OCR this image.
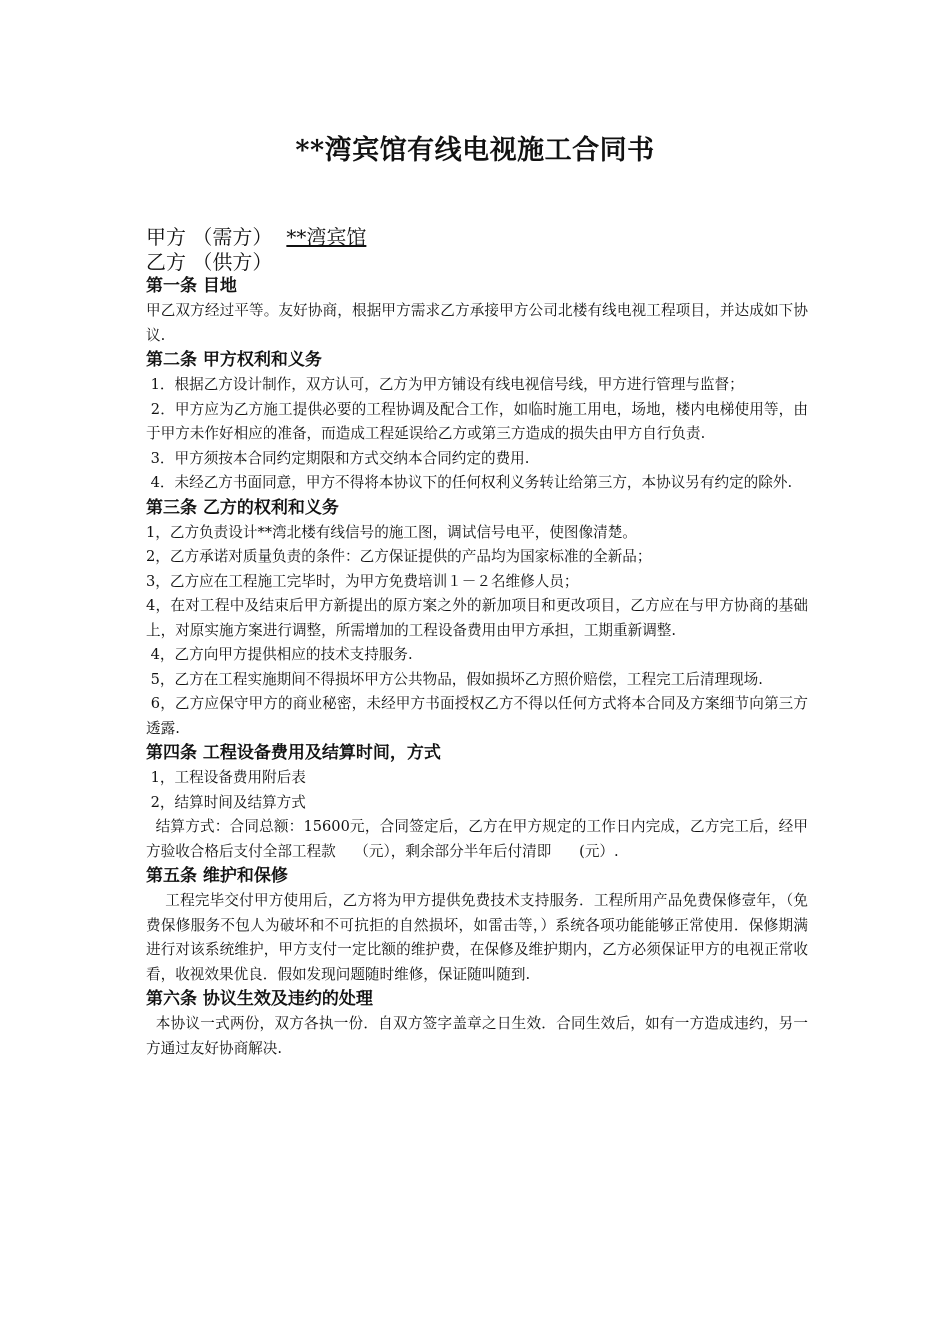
**湾宾馆有线电视施工合同书
甲方 （需方） **湾宾馆
乙方 （供方）
第一条 目地
甲乙双方经过平等。友好协商，根据甲方需求乙方承接甲方公司北楼有线电视工程项目，并达成如下协议.
第二条 甲方权利和义务
1．根据乙方设计制作，双方认可，乙方为甲方铺设有线电视信号线，甲方进行管理与监督；
2．甲方应为乙方施工提供必要的工程协调及配合工作，如临时施工用电，场地，楼内电梯使用等，由于甲方未作好相应的准备，而造成工程延误给乙方或第三方造成的损失由甲方自行负责.
3．甲方须按本合同约定期限和方式交纳本合同约定的费用.
4．未经乙方书面同意，甲方不得将本协议下的任何权利义务转让给第三方，本协议另有约定的除外.
第三条 乙方的权利和义务
1，乙方负责设计**湾北楼有线信号的施工图，调试信号电平，使图像清楚。
2，乙方承诺对质量负责的条件：乙方保证提供的产品均为国家标准的全新品；
3，乙方应在工程施工完毕时，为甲方免费培训１－２名维修人员；
4，在对工程中及结束后甲方新提出的原方案之外的新加项目和更改项目，乙方应在与甲方协商的基础上，对原实施方案进行调整，所需增加的工程设备费用由甲方承担，工期重新调整.
4，乙方向甲方提供相应的技术支持服务.
5，乙方在工程实施期间不得损坏甲方公共物品，假如损坏乙方照价赔偿，工程完工后清理现场.
6，乙方应保守甲方的商业秘密，未经甲方书面授权乙方不得以任何方式将本合同及方案细节向第三方透露.
第四条 工程设备费用及结算时间，方式
1，工程设备费用附后表
2，结算时间及结算方式
结算方式：合同总额：15600元，合同签定后，乙方在甲方规定的工作日内完成，乙方完工后，经甲方验收合格后支付全部工程款    （元），剩余部分半年后付清即      (元）.
第五条 维护和保修
工程完毕交付甲方使用后，乙方将为甲方提供免费技术支持服务．工程所用产品免费保修壹年，（免费保修服务不包人为破坏和不可抗拒的自然损坏，如雷击等，）系统各项功能能够正常使用．保修期满进行对该系统维护，甲方支付一定比额的维护费，在保修及维护期内，乙方必须保证甲方的电视正常收看，收视效果优良．假如发现问题随时维修，保证随叫随到.
第六条 协议生效及违约的处理
本协议一式两份，双方各执一份．自双方签字盖章之日生效．合同生效后，如有一方造成违约，另一方通过友好协商解决.
